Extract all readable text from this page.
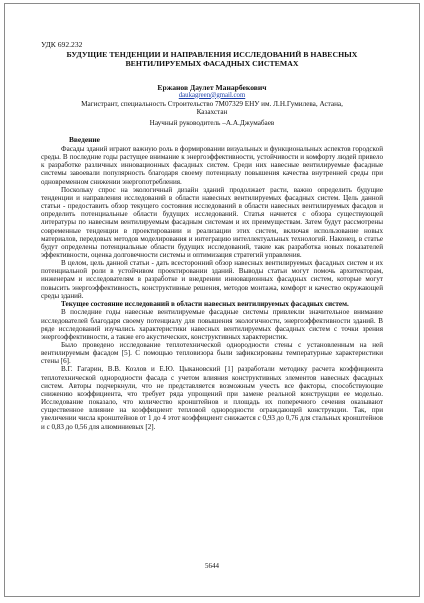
УДК 692.232
БУДУЩИЕ ТЕНДЕНЦИИ И НАПРАВЛЕНИЯ ИССЛЕДОВАНИЙ В НАВЕСНЫХ
ВЕНТИЛИРУЕМЫХ ФАСАДНЫХ СИСТЕМАХ
Ержанов Даулет Манарбекович
daukagreen@gmail.com
Магистрант, специальность Строительство 7M07329 ЕНУ им. Л.Н.Гумилева, Астана,
Казахстан
Научный руководитель –А.А.Джумабаев
Введение

Фасады зданий играют важную роль в формировании визуальных и функциональных аспектов городской среды. В последние годы растущее внимание к энергоэффективности, устойчивости и комфорту людей привело к разработке различных инновационных фасадных систем. Среди них навесные вентилируемые фасадные системы завоевали популярность благодаря своему потенциалу повышения качества внутренней среды при одновременном снижении энергопотребления.

Поскольку спрос на экологичный дизайн зданий продолжает расти, важно определить будущие тенденции и направления исследований в области навесных вентилируемых фасадных систем. Цель данной статьи - предоставить обзор текущего состояния исследований в области навесных вентилируемых фасадов и определить потенциальные области будущих исследований. Статья начнется с обзора существующей литературы по навесным вентилируемым фасадным системам и их преимуществам. Затем будут рассмотрены современные тенденции в проектировании и реализации этих систем, включая использование новых материалов, передовых методов моделирования и интеграцию интеллектуальных технологий. Наконец, в статье будут определены потенциальные области будущих исследований, такие как разработка новых показателей эффективности, оценка долговечности системы и оптимизация стратегий управления.

В целом, цель данной статьи - дать всесторонний обзор навесных вентилируемых фасадных систем и их потенциальной роли в устойчивом проектировании зданий. Выводы статьи могут помочь архитекторам, инженерам и исследователям в разработке и внедрении инновационных фасадных систем, которые могут повысить энергоэффективность, конструктивные решения, методов монтажа, комфорт и качество окружающей среды зданий.

Текущее состояние исследований в области навесных вентилируемых фасадных систем.

В последние годы навесные вентилируемые фасадные системы привлекли значительное внимание исследователей благодаря своему потенциалу для повышения экологичности, энергоэффективности зданий. В ряде исследований изучались характеристики навесных вентилируемых фасадных систем с точки зрения энергоэффективности, а также его акустических, конструктивных характеристик.

Было проведено исследование теплотехнической однородности стены с установленным на ней вентилируемым фасадом [5]. С помощью тепловизора были зафиксированы температурные характеристики стены [6].

В.Г. Гагарин, В.В. Козлов и Е.Ю. Цыкановский [1] разработали методику расчета коэффициента теплотехнической однородности фасада с учетом влияния конструктивных элементов навесных фасадных систем. Авторы подчеркнули, что не представляется возможным учесть все факторы, способствующие снижению коэффициента, что требует ряда упрощений при замене реальной конструкции ее моделью. Исследование показало, что количество кронштейнов и площадь их поперечного сечения оказывают существенное влияние на коэффициент тепловой однородности ограждающей конструкции. Так, при увеличении числа кронштейнов от 1 до 4 этот коэффициент снижается с 0,93 до 0,76 для стальных кронштейнов и с 0,83 до 0,56 для алюминиевых [2].

5644
